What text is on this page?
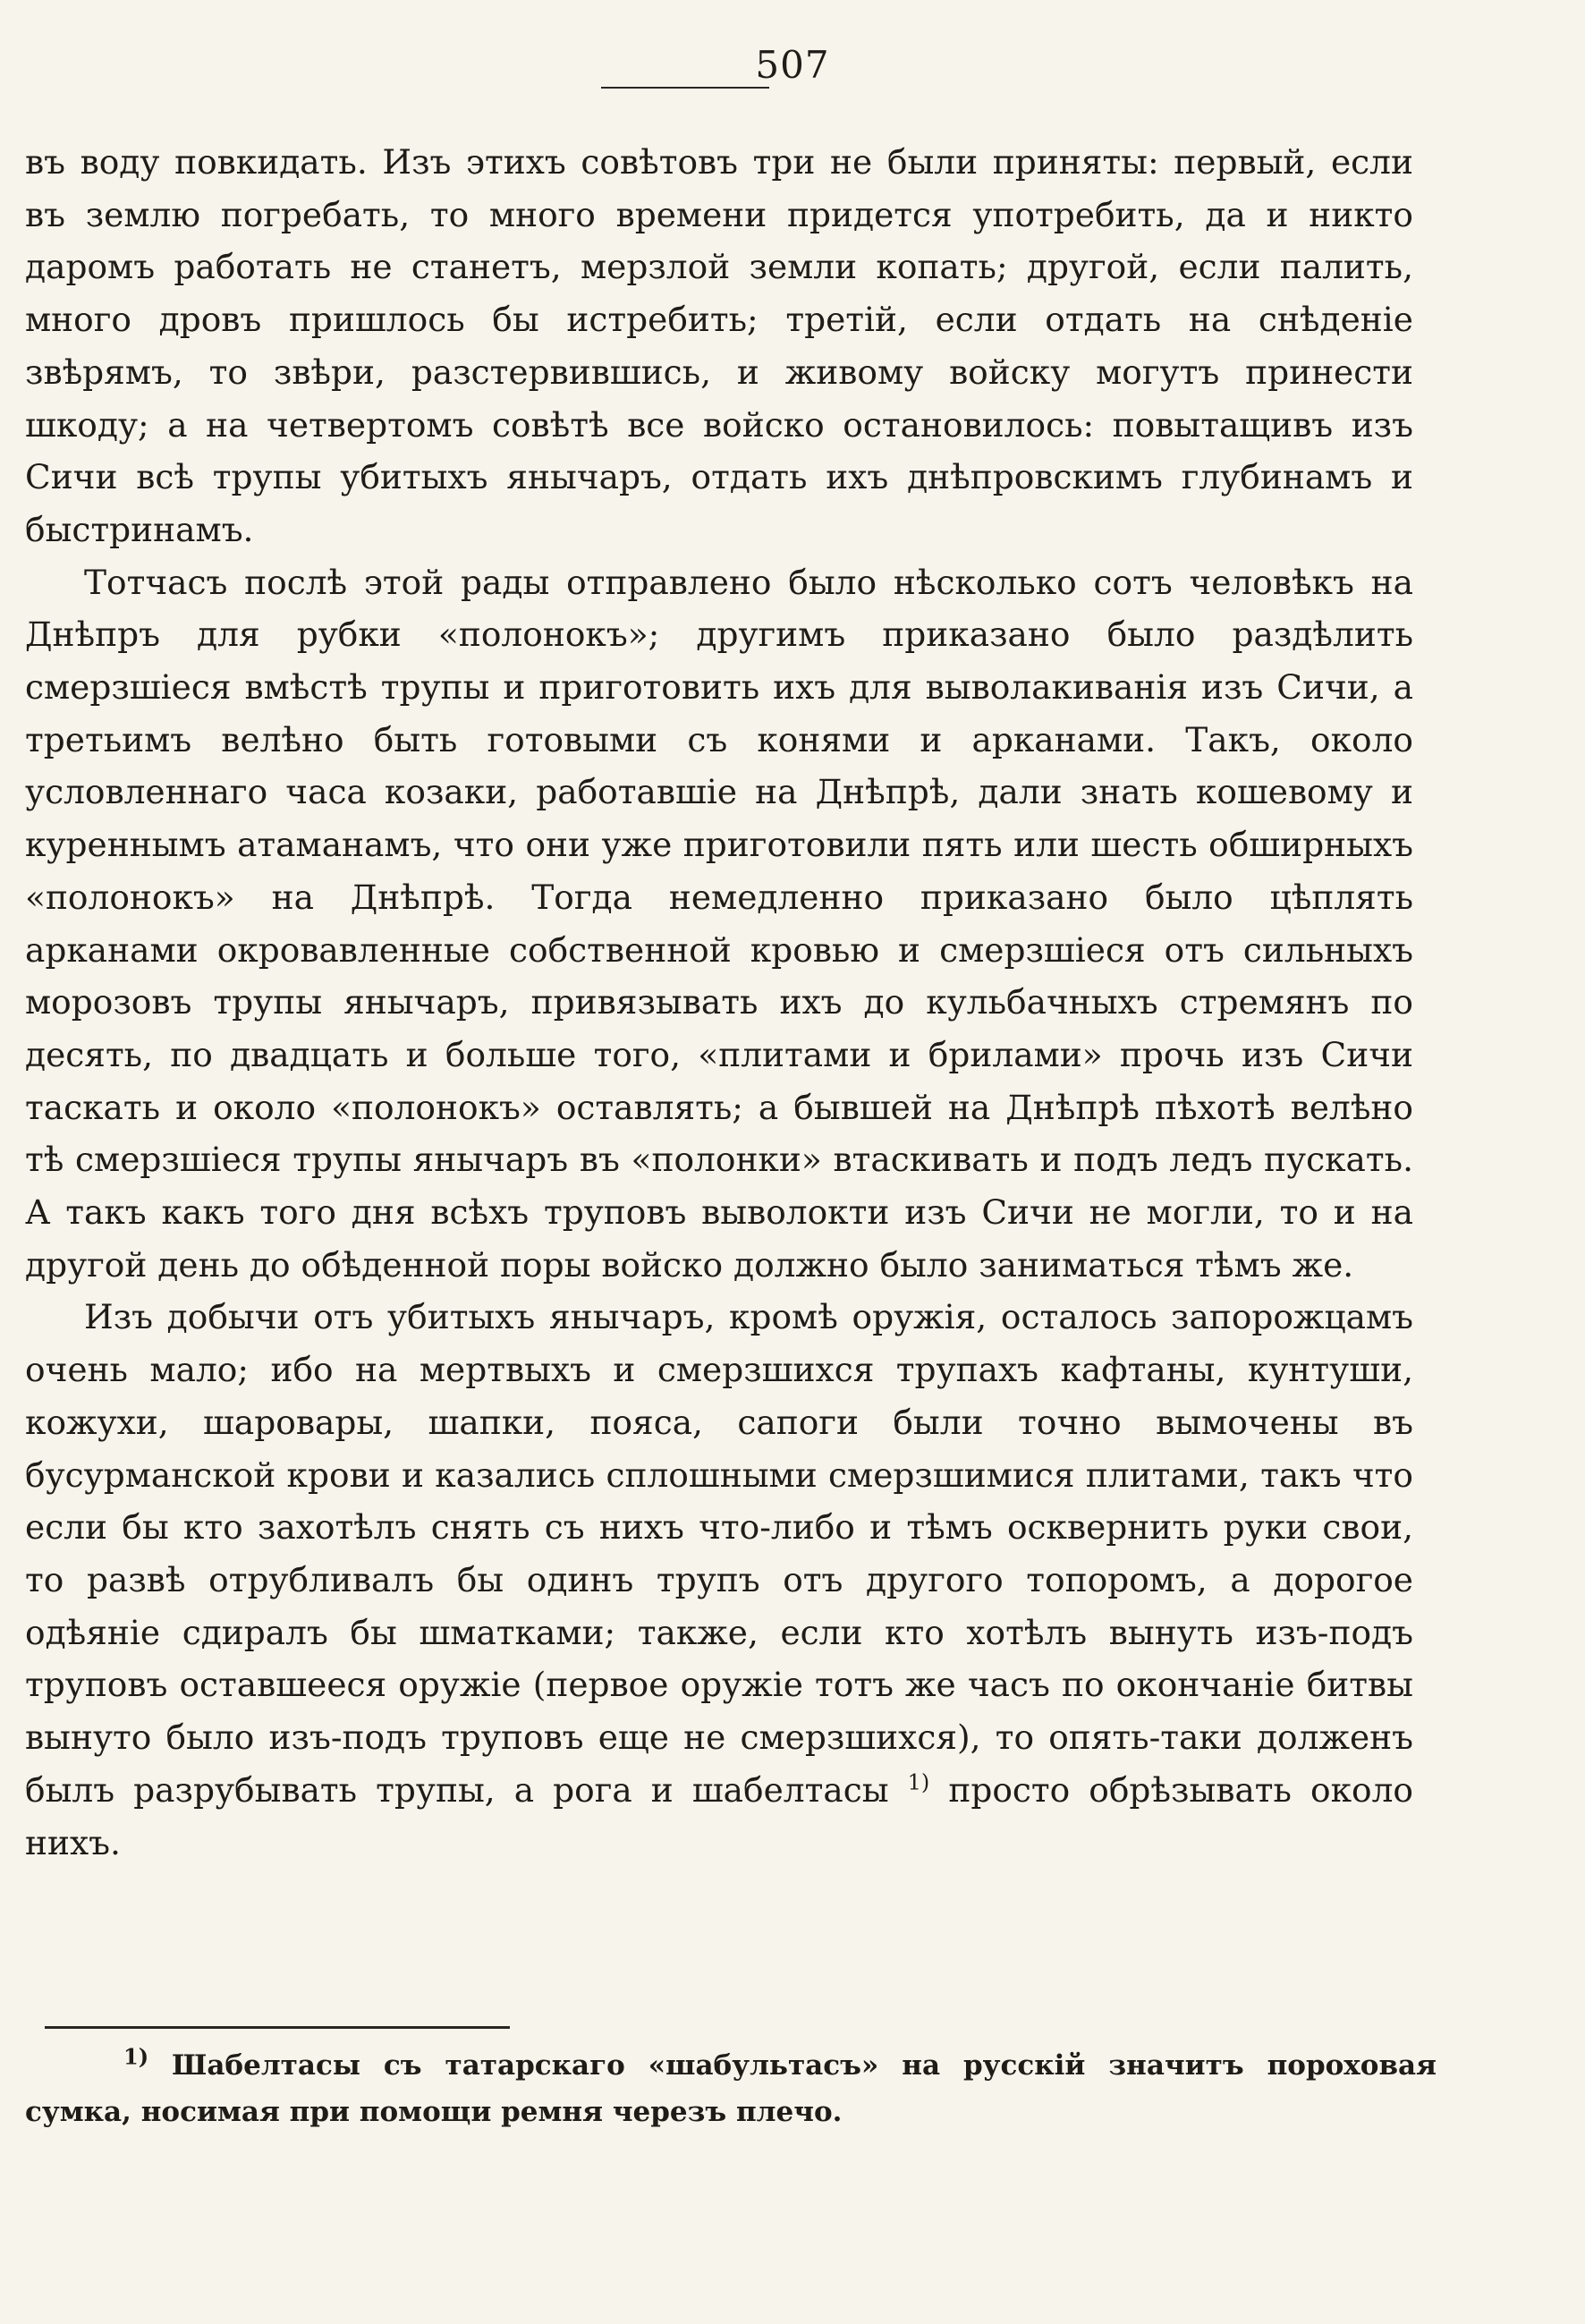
507

въ воду повкидать. Изъ этихъ совѣтовъ три не были приняты: первый, если въ землю погребать, то много времени придется употребить, да и никто даромъ работать не станетъ, мерзлой земли копать; другой, если палить, много дровъ пришлось бы истребить; третій, если отдать на снѣденіе звѣрямъ, то звѣри, разстервившись, и живому войску могутъ принести шкоду; а на четвертомъ совѣтѣ все войско остановилось: повытащивъ изъ Сичи всѣ трупы убитыхъ янычаръ, отдать ихъ днѣпровскимъ глубинамъ и быстринамъ.

Тотчасъ послѣ этой рады отправлено было нѣсколько сотъ человѣкъ на Днѣпръ для рубки «полонокъ»; другимъ приказано было раздѣлить смерзшіеся вмѣстѣ трупы и приготовить ихъ для выволакиванія изъ Сичи, а третьимъ велѣно быть готовыми съ конями и арканами. Такъ, около условленнаго часа козаки, работавшіе на Днѣпрѣ, дали знать кошевому и куреннымъ атаманамъ, что они уже приготовили пять или шесть обширныхъ «полонокъ» на Днѣпрѣ. Тогда немедленно приказано было цѣплять арканами окровавленные собственной кровью и смерзшіеся отъ сильныхъ морозовъ трупы янычаръ, привязывать ихъ до кульбачныхъ стремянъ по десять, по двадцать и больше того, «плитами и брилами» прочь изъ Сичи таскать и около «полонокъ» оставлять; а бывшей на Днѣпрѣ пѣхотѣ велѣно тѣ смерзшіеся трупы янычаръ въ «полонки» втаскивать и подъ ледъ пускать. А такъ какъ того дня всѣхъ труповъ выволокти изъ Сичи не могли, то и на другой день до обѣденной поры войско должно было заниматься тѣмъ же.

Изъ добычи отъ убитыхъ янычаръ, кромѣ оружія, осталось запорожцамъ очень мало; ибо на мертвыхъ и смерзшихся трупахъ кафтаны, кунтуши, кожухи, шаровары, шапки, пояса, сапоги были точно вымочены въ бусурманской крови и казались сплошными смерзшимися плитами, такъ что если бы кто захотѣлъ снять съ нихъ что-либо и тѣмъ осквернить руки свои, то развѣ отрубливалъ бы одинъ трупъ отъ другого топоромъ, а дорогое одѣяніе сдиралъ бы шматками; также, если кто хотѣлъ вынуть изъ-подъ труповъ оставшееся оружіе (первое оружіе тотъ же часъ по окончаніе битвы вынуто было изъ-подъ труповъ еще не смерзшихся), то опять-таки долженъ былъ разрубывать трупы, а рога и шабелтасы $^{1)}$ просто обрѣзывать около нихъ.

$^{1)}$ Шабелтасы съ татарскаго «шабультасъ» на русскій значитъ пороховая сумка, носимая при помощи ремня черезъ плечо.
